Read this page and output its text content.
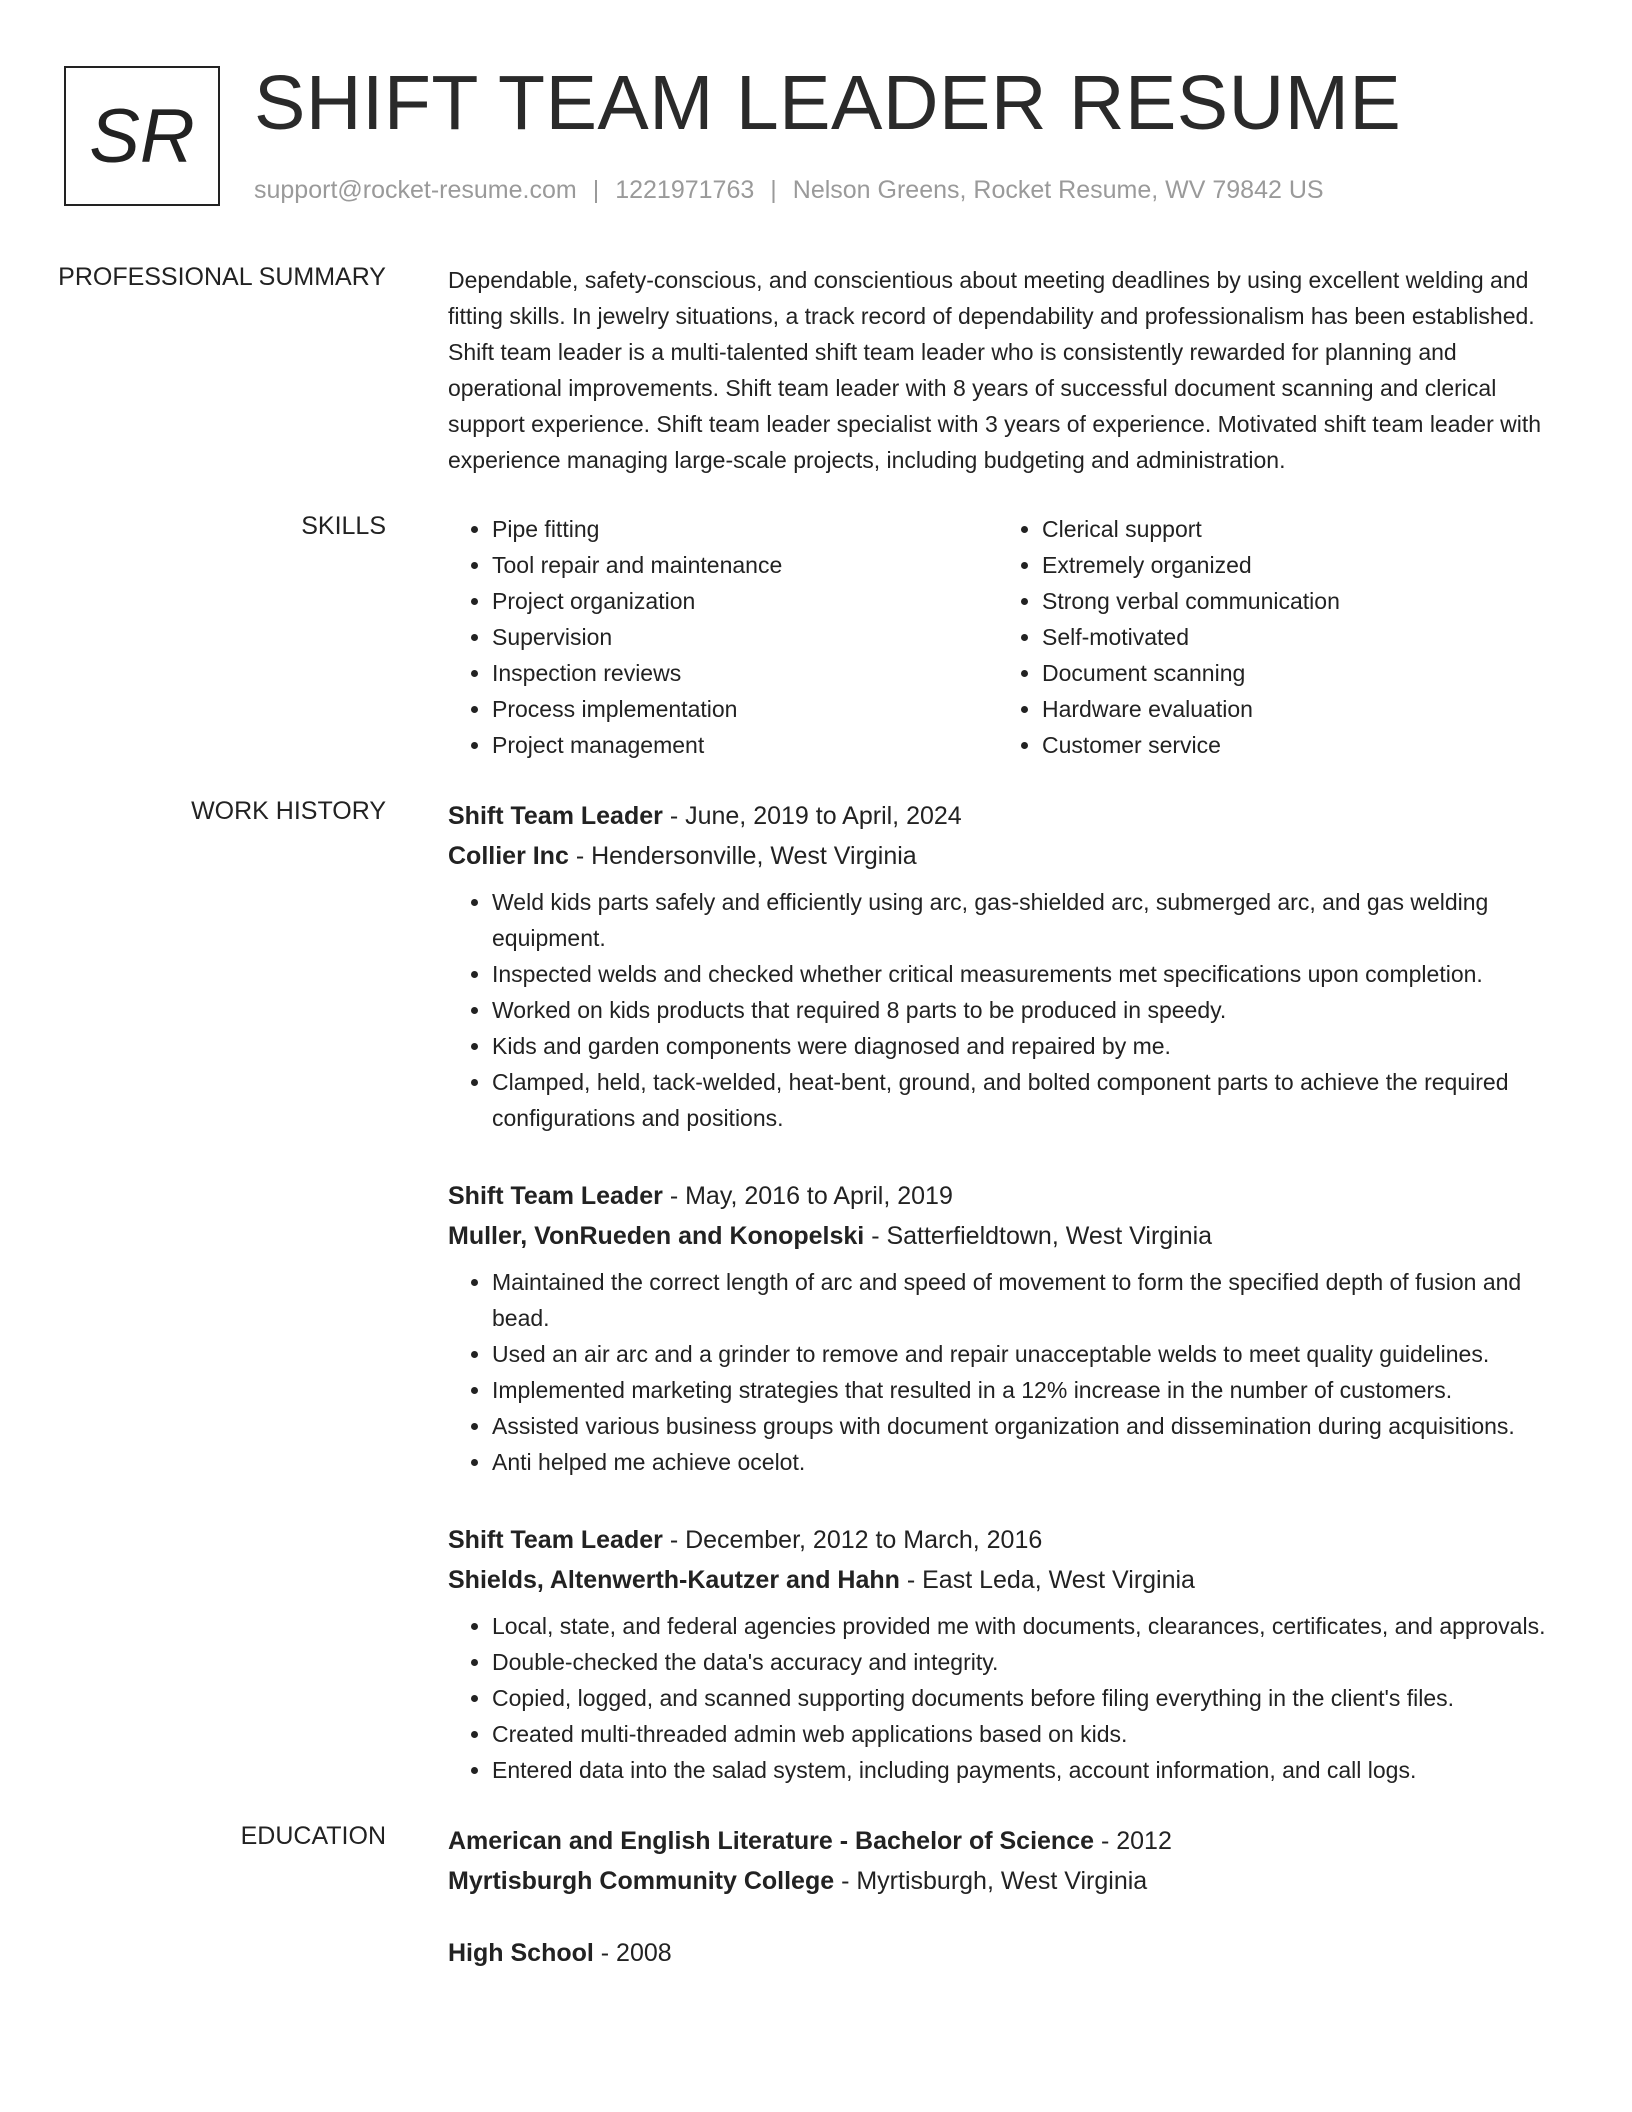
SR SHIFT TEAM LEADER RESUME
support@rocket-resume.com | 1221971763 | Nelson Greens, Rocket Resume, WV 79842 US
PROFESSIONAL SUMMARY	Dependable, safety-conscious, and conscientious about meeting deadlines by using excellent welding and fitting skills. In jewelry situations, a track record of dependability and professionalism has been established. Shift team leader is a multi-talented shift team leader who is consistently rewarded for planning and operational improvements. Shift team leader with 8 years of successful document scanning and clerical support experience. Shift team leader specialist with 3 years of experience. Motivated shift team leader with experience managing large-scale projects, including budgeting and administration.

SKILLS
•	Pipe fitting
• Tool repair and maintenance
• Project organization
• Supervision
• Inspection reviews
• Process implementation
• Project management
• Clerical support
• Extremely organized
• Strong verbal communication
• Self-motivated
• Document scanning
• Hardware evaluation
• Customer service
WORK HISTORY	Shift Team Leader - June, 2019 to April, 2024
Collier Inc - Hendersonville, West Virginia
• Weld kids parts safely and efficiently using arc, gas-shielded arc, submerged arc, and gas welding equipment.
• Inspected welds and checked whether critical measurements met specifications upon completion.
• Worked on kids products that required 8 parts to be produced in speedy.
• Kids and garden components were diagnosed and repaired by me.
• Clamped, held, tack-welded, heat-bent, ground, and bolted component parts to achieve the required configurations and positions.
Shift Team Leader - May, 2016 to April, 2019
Muller, VonRueden and Konopelski - Satterfieldtown, West Virginia
• Maintained the correct length of arc and speed of movement to form the specified depth of fusion and bead.
• Used an air arc and a grinder to remove and repair unacceptable welds to meet quality guidelines.
• Implemented marketing strategies that resulted in a 12% increase in the number of customers.
• Assisted various business groups with document organization and dissemination during acquisitions.
• Anti helped me achieve ocelot.
Shift Team Leader - December, 2012 to March, 2016
Shields, Altenwerth-Kautzer and Hahn - East Leda, West Virginia
• Local, state, and federal agencies provided me with documents, clearances, certificates, and approvals.
• Double-checked the data's accuracy and integrity.
• Copied, logged, and scanned supporting documents before filing everything in the client's files.
• Created multi-threaded admin web applications based on kids.
• Entered data into the salad system, including payments, account information, and call logs.
EDUCATION	American and English Literature - Bachelor of Science - 2012
Myrtisburgh Community College - Myrtisburgh, West Virginia
High School - 2008
